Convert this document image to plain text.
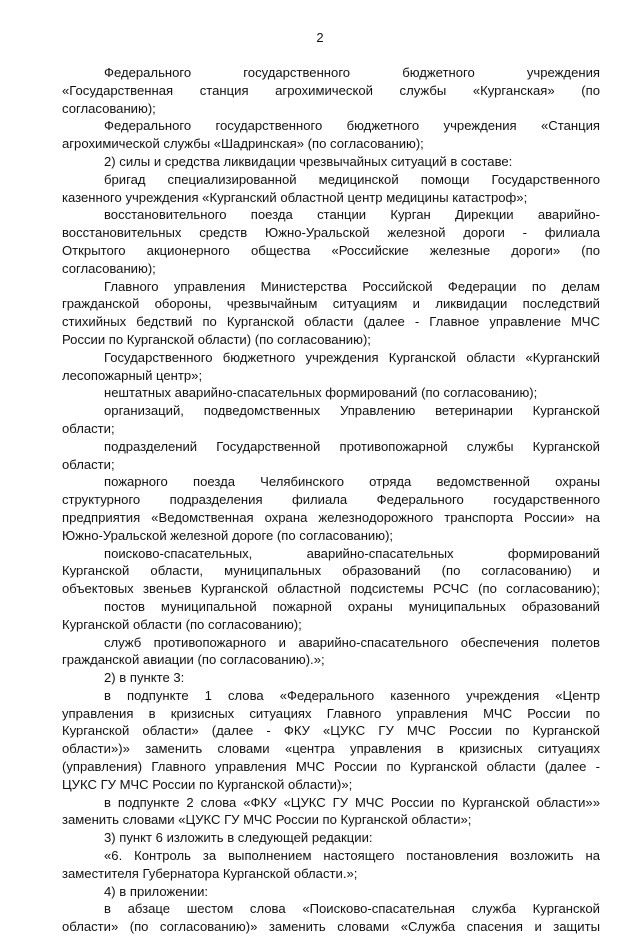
2
Федерального государственного бюджетного учреждения
«Государственная станция агрохимической службы «Курганская» (по
согласованию);
Федерального государственного бюджетного учреждения «Станция
агрохимической службы «Шадринская» (по согласованию);
2) силы и средства ликвидации чрезвычайных ситуаций в составе:
бригад специализированной медицинской помощи Государственного
казенного учреждения «Курганский областной центр медицины катастроф»;
восстановительного поезда станции Курган Дирекции аварийно-
восстановительных средств Южно-Уральской железной дороги - филиала
Открытого акционерного общества «Российские железные дороги» (по
согласованию);
Главного управления Министерства Российской Федерации по делам
гражданской обороны, чрезвычайным ситуациям и ликвидации последствий
стихийных бедствий по Курганской области (далее - Главное управление МЧС
России по Курганской области) (по согласованию);
Государственного бюджетного учреждения Курганской области «Курганский
лесопожарный центр»;
нештатных аварийно-спасательных формирований (по согласованию);
организаций, подведомственных Управлению ветеринарии Курганской
области;
подразделений Государственной противопожарной службы Курганской
области;
пожарного поезда Челябинского отряда ведомственной охраны
структурного подразделения филиала Федерального государственного
предприятия «Ведомственная охрана железнодорожного транспорта России» на
Южно-Уральской железной дороге (по согласованию);
поисково-спасательных, аварийно-спасательных формирований
Курганской области, муниципальных образований (по согласованию) и
объектовых звеньев Курганской областной подсистемы РСЧС (по согласованию);
постов муниципальной пожарной охраны муниципальных образований
Курганской области (по согласованию);
служб противопожарного и аварийно-спасательного обеспечения полетов
гражданской авиации (по согласованию).»;
2) в пункте 3:
в подпункте 1 слова «Федерального казенного учреждения «Центр
управления в кризисных ситуациях Главного управления МЧС России по
Курганской области» (далее - ФКУ «ЦУКС ГУ МЧС России по Курганской
области»)» заменить словами «центра управления в кризисных ситуациях
(управления) Главного управления МЧС России по Курганской области (далее -
ЦУКС ГУ МЧС России по Курганской области)»;
в подпункте 2 слова «ФКУ «ЦУКС ГУ МЧС России по Курганской области»»
заменить словами «ЦУКС ГУ МЧС России по Курганской области»;
3) пункт 6 изложить в следующей редакции:
«6. Контроль за выполнением настоящего постановления возложить на
заместителя Губернатора Курганской области.»;
4) в приложении:
в абзаце шестом слова «Поисково-спасательная служба Курганской
области» (по согласованию)» заменить словами «Служба спасения и защиты
